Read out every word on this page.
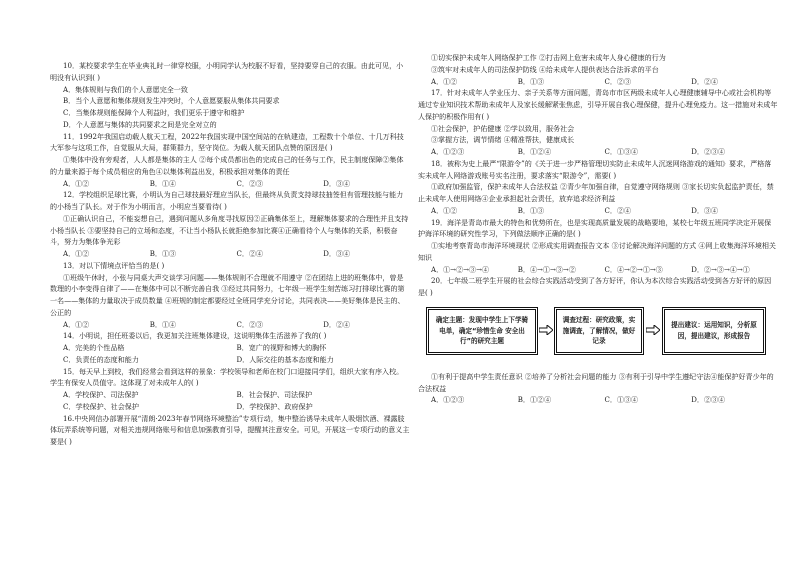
10．某校要求学生在毕业典礼时一律穿校服，小明同学认为校服不好看，坚持要穿自己的衣服。由此可见，小明没有认识到( )

A．集体规则与我们的个人意愿完全一致
B．当个人意愿和集体规则发生冲突时，个人意愿要服从集体共同要求
C．当集体规则能保障个人利益时，我们更乐于遵守和维护
D．个人意愿与集体的共同要求之间是完全对立的

11．1992年我国启动载人航天工程，2022年我国实现中国空间站的在轨建造，工程数十个单位、十几万科技大军参与这项工作，自觉服从大局，群策群力，坚守岗位。为载人航天团队点赞的原因是( )

①集体中没有旁观者，人人都是集体的主人 ②每个成员都出色的完成自己的任务与工作，民主制度保障②集体的力量来源于每个成员相应的角色④以集体利益出发，积极承担对集体的责任

A．①②	B．①④	C．②③	D．③④

12．学校组织足球比赛，小明认为自己球技最好理应当队长，但最终从负责支持球技抽签但有管理技能与能力的小杨当了队长。对于作为小明而言，小明应当要看待( )

①正确认识自己，不能妄想自己，遇到问题从多角度寻找原因②正确集体至上，理解集体要求的合理性并且支持小杨当队长 ③要坚持自己的立场和态度，不让当小杨队长就拒绝参加比赛④正确看待个人与集体的关系，积极奋斗，努力为集体争光彩

A．①②	B．①③	C．②④	D．③④

13．对以下情境点评恰当的是( )

①班级午休时，小张与同桌大声交谈学习问题——集体规则不合理就不用遵守 ②在团结上进的班集体中，曾是数理的小李变得自律了——在集体中可以不断完善自我 ③经过共同努力，七年级一班学生刻苦练习打排球比赛的第一名——集体的力量取决于成员数量 ④班规的制定都要经过全班同学充分讨论，共同表决——美好集体是民主的、公正的

A．①②	B．①④	C．②③	D．②④

14．小明说，担任班委以后，我更加关注班集体建设，这说明集体生活滋养了我的( )

A．完美的个性品格	B．宽广的视野和博大的胸怀
C．负责任的态度和能力	D．人际交往的基本态度和能力

15．每天早上到校，我们经常会看到这样的景象：学校领导和老师在校门口迎接同学们，组织大家有序入校。学生有保安人员值守。这体现了对未成年人的( )

A．学校保护、司法保护	B．社会保护、司法保护
C．学校保护、社会保护	D．学校保护、政府保护

16.中央网信办部署开展“清朗·2023年春节网络环境整治”专项行动，集中整治诱导未成年人吸烟饮酒、裸露肢体玩弄系统等问题，对相关违规网络账号和信息加强教育引导，提醒其注意安全。可见，开展这一专项行动的意义主要是( )

①切实保护未成年人网络保护工作 ②打击网上危害未成年人身心健康的行为
③筑牢对未成年人的司法保护防线 ④给未成年人提供表达合法诉求的平台
A．①②	B．①③	C．②③	D．②④

17．针对未成年人学业压力、亲子关系等方面问题，青岛市市区两级未成年人心理健康辅导中心或社会机构等通过专业知识技术帮助未成年人及家长缓解紧张焦虑，引导开展自我心理保健，提升心理免疫力。这一措施对未成年人保护的积极作用有( )

①社会保护，护佑健康 ②学以致用，服务社会
③掌握方法，调节情绪 ④精准帮扶，健康成长
A．①②③	B．①②④	C．①③④	D．②③④

18．被称为史上最严“限游令”的《关于进一步严格管理切实防止未成年人沉迷网络游戏的通知》要求，严格落实未成年人网络游戏账号实名注册，要求落实“限游令”，需要( )

①政府加强监管，保护未成年人合法权益 ②青少年加强自律，自觉遵守网络规则 ③家长切实负起监护责任，禁止未成年人使用网络④企业承担起社会责任，放弃追求经济利益

A．①②	B．①③	C．②④	D．③④

19．海洋是青岛市最大的特色和优势所在，也是实现高质量发展的战略要地，某校七年级五班同学决定开展保护海洋环境的研究性学习，下列做法顺序正确的是( )

①实地考察青岛市海洋环境现状 ②形成实用调查报告文本 ③讨论解决海洋问题的方式 ④网上收集海洋环境相关知识

A．①→②→③→④	B．④→①→③→②	C．④→②→①→③	D．②→③→④→①

20．七年级二班学生开展的社会综合实践活动受到了各方好评，你认为本次综合实践活动受到各方好评的原因是( )

确定主题：发现中学生上下学骑电单，确定“珍惜生命 安全出行”的研究主题
调查过程：研究政策，实施调查，了解情况，做好记录
提出建议：运用知识，分析原因，提出建议，形成报告

①有利于提高中学生责任意识 ②培养了分析社会问题的能力 ③有利于引导中学生遵纪守法④能保护好青少年的合法权益

A．①②③	B．①②④	C．①③④	D．②③④
